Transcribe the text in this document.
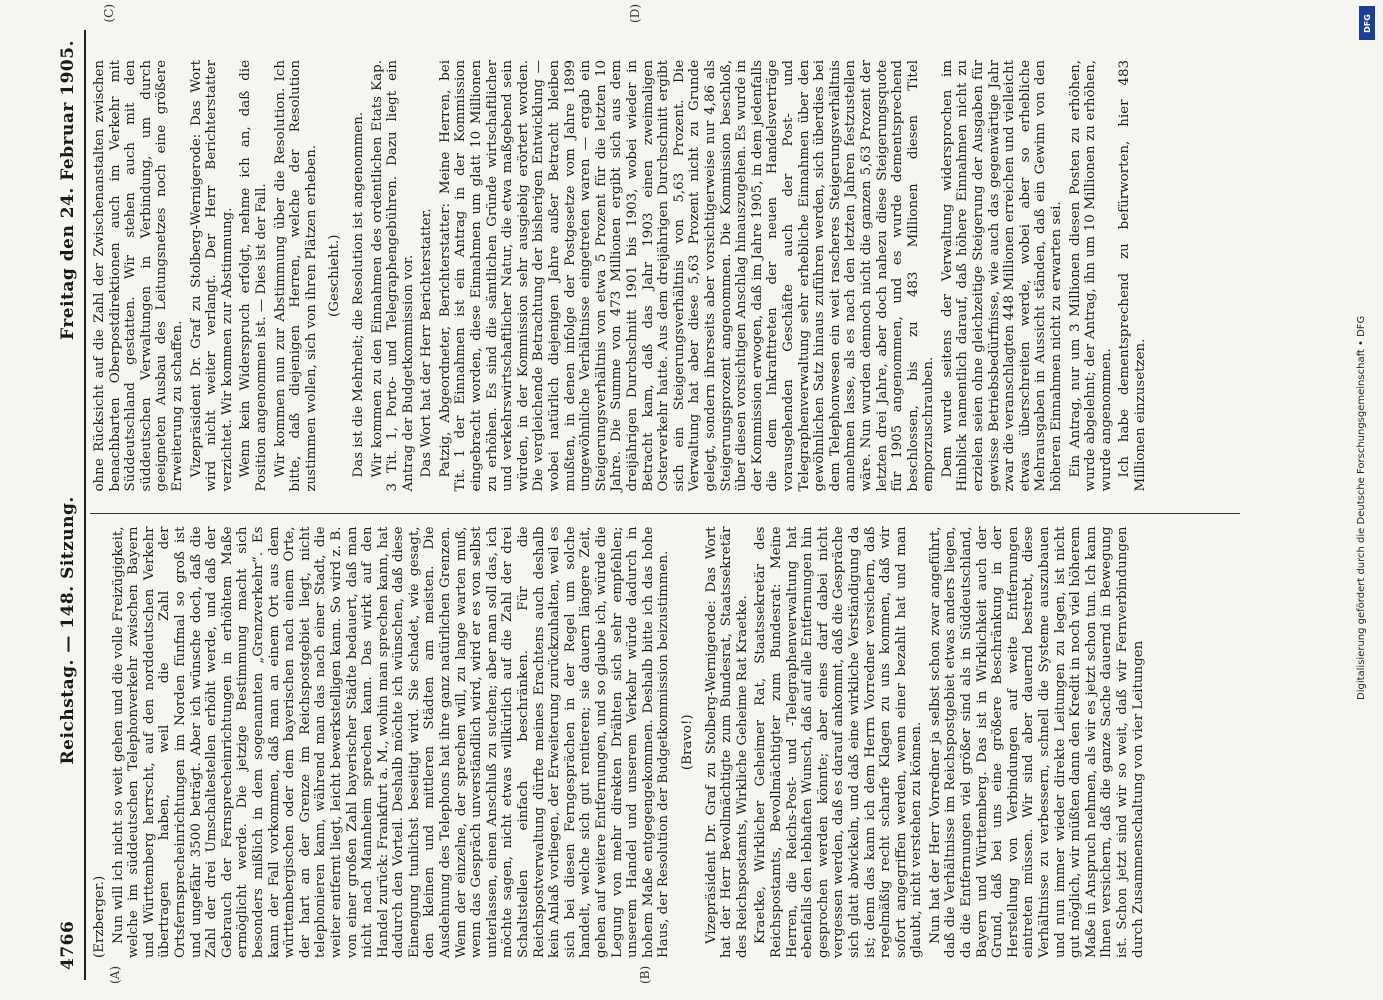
4766
Reichstag. — 148. Sitzung.
Freitag den 24. Februar 1905.
(A)	(B)

(Erzberger.) Nun will ich nicht so weit gehen und die volle Freizügigkeit, welche im süddeutschen Telephonverkehr zwischen Bayern und Württemberg herrscht, auf den norddeutschen Verkehr übertragen haben, weil die Zahl der Ortsfernsprecheinrichtungen im Norden fünfmal so groß ist und ungefähr 3500 beträgt. Aber ich wünsche doch, daß die Zahl der drei Umschaltestellen erhöht werde, und daß der Gebrauch der Fernsprecheinrichtungen in erhöhtem Maße ermöglicht werde. Die jetzige Bestimmung macht sich besonders mißlich in dem sogenannten „Grenzverkehr“. Es kann der Fall vorkommen, daß man an einem Ort aus dem württembergischen oder dem bayerischen nach einem Orte, der hart an der Grenze im Reichspostgebiet liegt, nicht telephonieren kann, während man das nach einer Stadt, die weiter entfernt liegt, leicht bewerkstelligen kann. So wird z. B. von einer großen Zahl bayerischer Städte bedauert, daß man nicht nach Mannheim sprechen kann. Das wirkt auf den Handel zurück: Frankfurt a. M., wohin man sprechen kann, hat dadurch den Vorteil. Deshalb möchte ich wünschen, daß diese Einengung tunlichst beseitigt wird. Sie schadet, wie gesagt, den kleinen und mittleren Städten am meisten. Die Ausdehnung des Telephons hat ihre ganz natürlichen Grenzen. Wenn der einzelne, der sprechen will, zu lange warten muß, wenn das Gespräch unverständlich wird, wird er es von selbst unterlassen, einen Anschluß zu suchen; aber man soll das, ich möchte sagen, nicht etwas willkürlich auf die Zahl der drei Schaltstellen einfach beschränken. Für die Reichspostverwaltung dürfte meines Erachtens auch deshalb kein Anlaß vorliegen, der Erweiterung zurückzuhalten, weil es sich bei diesen Ferngesprächen in der Regel um solche handelt, welche sich gut rentieren; sie dauern längere Zeit, gehen auf weitere Entfernungen, und so glaube ich, würde die Legung von mehr direkten Drähten sich sehr empfehlen; unserem Handel und unserem Verkehr würde dadurch in hohem Maße entgegengekommen. Deshalb bitte ich das hohe Haus, der Resolution der Budgetkommission beizustimmen. (Bravo!) Vizepräsident Dr. Graf zu Stolberg-Wernigerode: Das Wort hat der Herr Bevollmächtigte zum Bundesrat, Staatssekretär des Reichspostamts, Wirkliche Geheime Rat Kraetke. Kraetke, Wirklicher Geheimer Rat, Staatssekretär des Reichspostamts, Bevollmächtigter zum Bundesrat: Meine Herren, die Reichs-Post- und -Telegraphenverwaltung hat ebenfalls den lebhaften Wunsch, daß auf alle Entfernungen hin gesprochen werden könnte; aber eines darf dabei nicht vergessen werden, daß es darauf ankommt, daß die Gespräche sich glatt abwickeln, und daß eine wirkliche Verständigung da ist; denn das kann ich dem Herrn Vorredner versichern, daß regelmäßig recht scharfe Klagen zu uns kommen, daß wir sofort angegriffen werden, wenn einer bezahlt hat und man glaubt, nicht verstehen zu können. Nun hat der Herr Vorredner ja selbst schon zwar angeführt, daß die Verhältnisse im Reichspostgebiet etwas anders liegen, da die Entfernungen viel größer sind als in Süddeutschland, Bayern und Württemberg. Das ist in Wirklichkeit auch der Grund, daß bei uns eine größere Beschränkung in der Herstellung von Verbindungen auf weite Entfernungen eintreten müssen. Wir sind aber dauernd bestrebt, diese Verhältnisse zu verbessern, schnell die Systeme auszubauen und nun immer wieder direkte Leitungen zu legen, ist nicht gut möglich, wir müßten dann den Kredit in noch viel höherem Maße in Anspruch nehmen, als wir es jetzt schon tun. Ich kann Ihnen versichern, daß die ganze Sache dauernd in Bewegung ist. Schon jetzt sind wir so weit, daß wir Fernverbindungen durch Zusammenschaltung von vier Leitungen

(C)	(D)

ohne Rücksicht auf die Zahl der Zwischenanstalten zwischen benachbarten Oberpostdirektionen auch im Verkehr mit Süddeutschland gestatten. Wir stehen auch mit den süddeutschen Verwaltungen in Verbindung, um durch geeigneten Ausbau des Leitungsnetzes noch eine größere Erweiterung zu schaffen. Vizepräsident Dr. Graf zu Stolberg-Wernigerode: Das Wort wird nicht weiter verlangt. Der Herr Berichterstatter verzichtet. Wir kommen zur Abstimmung. Wenn kein Widerspruch erfolgt, nehme ich an, daß die Position angenommen ist. — Dies ist der Fall. Wir kommen nun zur Abstimmung über die Resolution. Ich bitte, daß diejenigen Herren, welche der Resolution zustimmen wollen, sich von ihren Plätzen erheben. (Geschieht.) Das ist die Mehrheit; die Resolution ist angenommen. Wir kommen zu den Einnahmen des ordentlichen Etats Kap. 3 Tit. 1, Porto- und Telegraphengebühren. Dazu liegt ein Antrag der Budgetkommission vor. Das Wort hat der Herr Berichterstatter. Patzig, Abgeordneter, Berichterstatter: Meine Herren, bei Tit. 1 der Einnahmen ist ein Antrag in der Kommission eingebracht worden, diese Einnahmen um glatt 10 Millionen zu erhöhen. Es sind die sämtlichen Gründe wirtschaftlicher und verkehrswirtschaftlicher Natur, die etwa maßgebend sein würden, in der Kommission sehr ausgiebig erörtert worden. Die vergleichende Betrachtung der bisherigen Entwicklung — wobei natürlich diejenigen Jahre außer Betracht bleiben mußten, in denen infolge der Postgesetze vom Jahre 1899 ungewöhnliche Verhältnisse eingetreten waren — ergab ein Steigerungsverhältnis von etwa 5 Prozent für die letzten 10 Jahre. Die Summe von 473 Millionen ergibt sich aus dem dreijährigen Durchschnitt 1901 bis 1903, wobei wieder in Betracht kam, daß das Jahr 1903 einen zweimaligen Osterverkehr hatte. Aus dem dreijährigen Durchschnitt ergibt sich ein Steigerungsverhältnis von 5,63 Prozent. Die Verwaltung hat aber diese 5,63 Prozent nicht zu Grunde gelegt, sondern ihrerseits aber vorsichtigerweise nur 4,86 als Steigerungsprozent angenommen. Die Kommission beschloß, über diesen vorsichtigen Anschlag hinauszugehen. Es wurde in der Kommission erwogen, daß im Jahre 1905, in dem jedenfalls die dem Inkrafttreten der neuen Handelsverträge vorausgehenden Geschäfte auch der Post- und Telegraphenverwaltung sehr erhebliche Einnahmen über den gewöhnlichen Satz hinaus zuführen werden, sich überdies bei dem Telephonwesen ein weit rascheres Steigerungsverhältnis annehmen lasse, als es nach den letzten Jahren festzustellen wäre. Nun wurden dennoch nicht die ganzen 5,63 Prozent der letzten drei Jahre, aber doch nahezu diese Steigerungsquote für 1905 angenommen, und es wurde dementsprechend beschlossen, bis zu 483 Millionen diesen Titel emporzuschrauben. Dem wurde seitens der Verwaltung widersprochen im Hinblick namentlich darauf, daß höhere Einnahmen nicht zu erzielen seien ohne gleichzeitige Steigerung der Ausgaben für gewisse Betriebsbedürfnisse, wie auch das gegenwärtige Jahr zwar die veranschlagten 448 Millionen erreichen und vielleicht etwas überschreiten werde, wobei aber so erhebliche Mehrausgaben in Aussicht ständen, daß ein Gewinn von den höheren Einnahmen nicht zu erwarten sei. Ein Antrag, nur um 3 Millionen diesen Posten zu erhöhen, wurde abgelehnt; der Antrag, ihn um 10 Millionen zu erhöhen, wurde angenommen. Ich habe dementsprechend zu befürworten, hier 483 Millionen einzusetzen.

DFG
Digitalisierung gefördert durch die Deutsche Forschungsgemeinschaft • DFG
